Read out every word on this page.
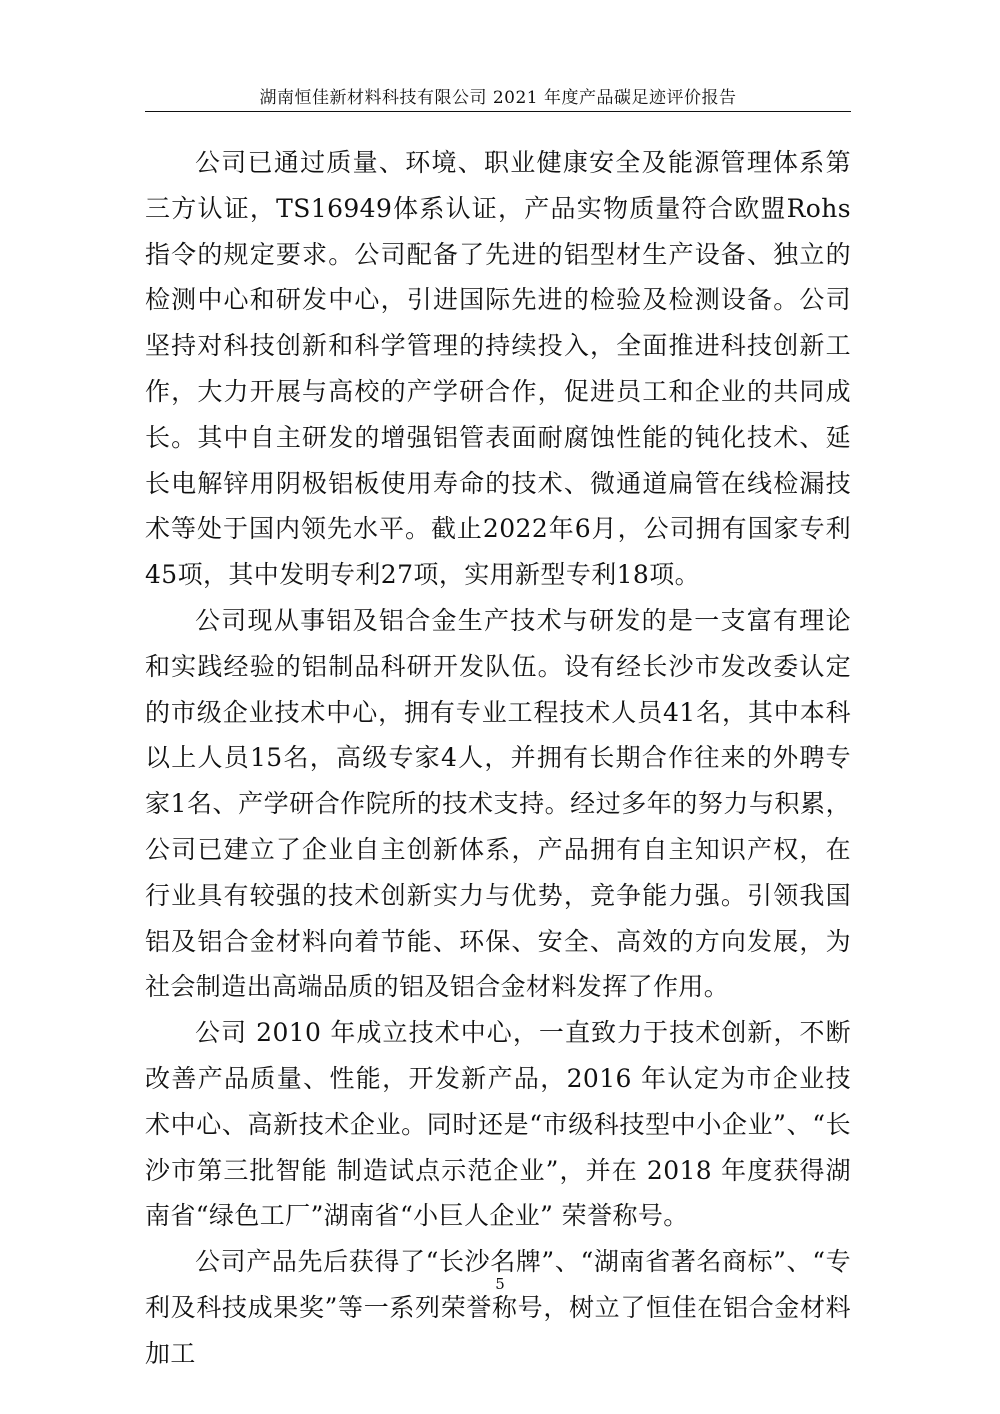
湖南恒佳新材料科技有限公司 2021 年度产品碳足迹评价报告

公司已通过质量、环境、职业健康安全及能源管理体系第三方认证，TS16949体系认证，产品实物质量符合欧盟Rohs指令的规定要求。公司配备了先进的铝型材生产设备、独立的检测中心和研发中心，引进国际先进的检验及检测设备。公司坚持对科技创新和科学管理的持续投入，全面推进科技创新工作，大力开展与高校的产学研合作，促进员工和企业的共同成长。其中自主研发的增强铝管表面耐腐蚀性能的钝化技术、延长电解锌用阴极铝板使用寿命的技术、微通道扁管在线检漏技术等处于国内领先水平。截止2022年6月，公司拥有国家专利45项，其中发明专利27项，实用新型专利18项。

公司现从事铝及铝合金生产技术与研发的是一支富有理论和实践经验的铝制品科研开发队伍。设有经长沙市发改委认定的市级企业技术中心，拥有专业工程技术人员41名，其中本科以上人员15名，高级专家4人，并拥有长期合作往来的外聘专家1名、产学研合作院所的技术支持。经过多年的努力与积累，公司已建立了企业自主创新体系，产品拥有自主知识产权，在行业具有较强的技术创新实力与优势，竞争能力强。引领我国铝及铝合金材料向着节能、环保、安全、高效的方向发展，为社会制造出高端品质的铝及铝合金材料发挥了作用。

公司 2010 年成立技术中心，一直致力于技术创新，不断改善产品质量、性能，开发新产品，2016 年认定为市企业技术中心、高新技术企业。同时还是“市级科技型中小企业”、“长沙市第三批智能 制造试点示范企业”，并在 2018 年度获得湖南省“绿色工厂”湖南省“小巨人企业” 荣誉称号。

公司产品先后获得了“长沙名牌”、“湖南省著名商标”、“专利及科技成果奖”等一系列荣誉称号，树立了恒佳在铝合金材料加工

5
